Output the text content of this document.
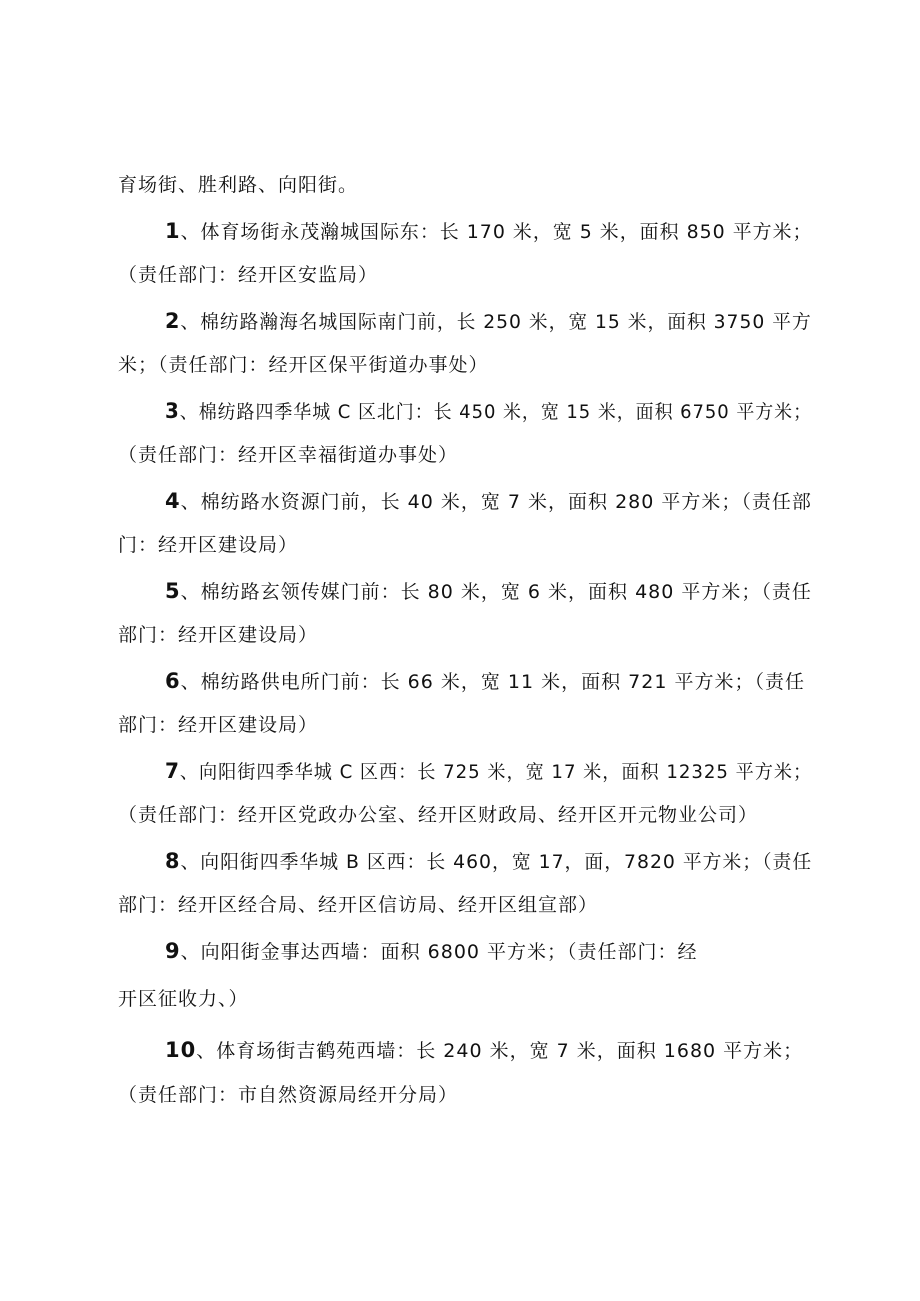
育场街、胜利路、向阳街。
1、体育场街永茂瀚城国际东：长 170 米，宽 5 米，面积 850 平方米；
（责任部门：经开区安监局）
2、棉纺路瀚海名城国际南门前，长 250 米，宽 15 米，面积 3750 平方
米；（责任部门：经开区保平街道办事处）
3、棉纺路四季华城 C 区北门：长 450 米，宽 15 米，面积 6750 平方米；
（责任部门：经开区幸福街道办事处）
4、棉纺路水资源门前，长 40 米，宽 7 米，面积 280 平方米；（责任部
门：经开区建设局）
5、棉纺路玄领传媒门前：长 80 米，宽 6 米，面积 480 平方米；（责任
部门：经开区建设局）
6、棉纺路供电所门前：长 66 米，宽 11 米，面积 721 平方米；（责任
部门：经开区建设局）
7、向阳街四季华城 C 区西：长 725 米，宽 17 米，面积 12325 平方米；
（责任部门：经开区党政办公室、经开区财政局、经开区开元物业公司）
8、向阳街四季华城 B 区西：长 460，宽 17，面，7820 平方米；（责任
部门：经开区经合局、经开区信访局、经开区组宣部）
9、向阳街金事达西墙：面积 6800 平方米；（责任部门：经
开区征收力、）
10、体育场街吉鹤苑西墙：长 240 米，宽 7 米，面积 1680 平方米；
（责任部门：市自然资源局经开分局）
